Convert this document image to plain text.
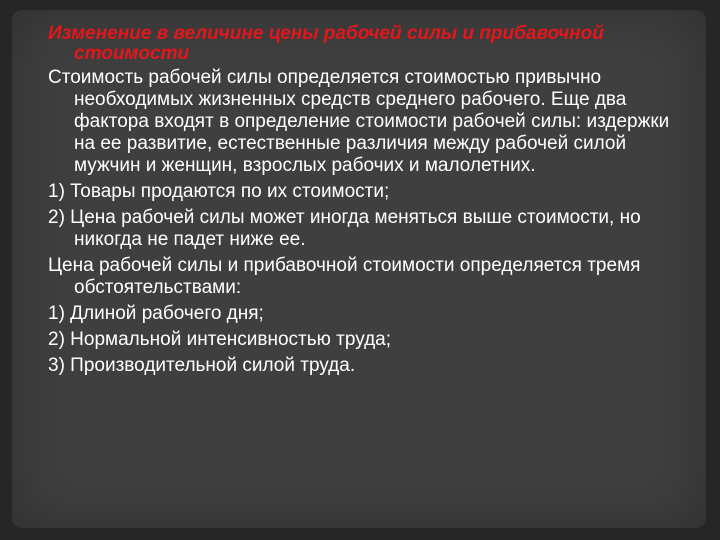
Изменение в величине цены рабочей силы и прибавочной стоимости

Стоимость рабочей силы определяется стоимостью привычно необходимых жизненных средств среднего рабочего. Еще два фактора входят в определение стоимости рабочей силы: издержки на ее развитие, естественные различия между рабочей силой мужчин и женщин, взрослых рабочих и малолетних.

1) Товары продаются по их стоимости;

2) Цена рабочей силы может иногда меняться выше стоимости, но никогда не падет ниже ее.

Цена рабочей силы и прибавочной стоимости определяется тремя обстоятельствами:

1) Длиной рабочего дня;

2) Нормальной интенсивностью труда;

3) Производительной силой труда.
